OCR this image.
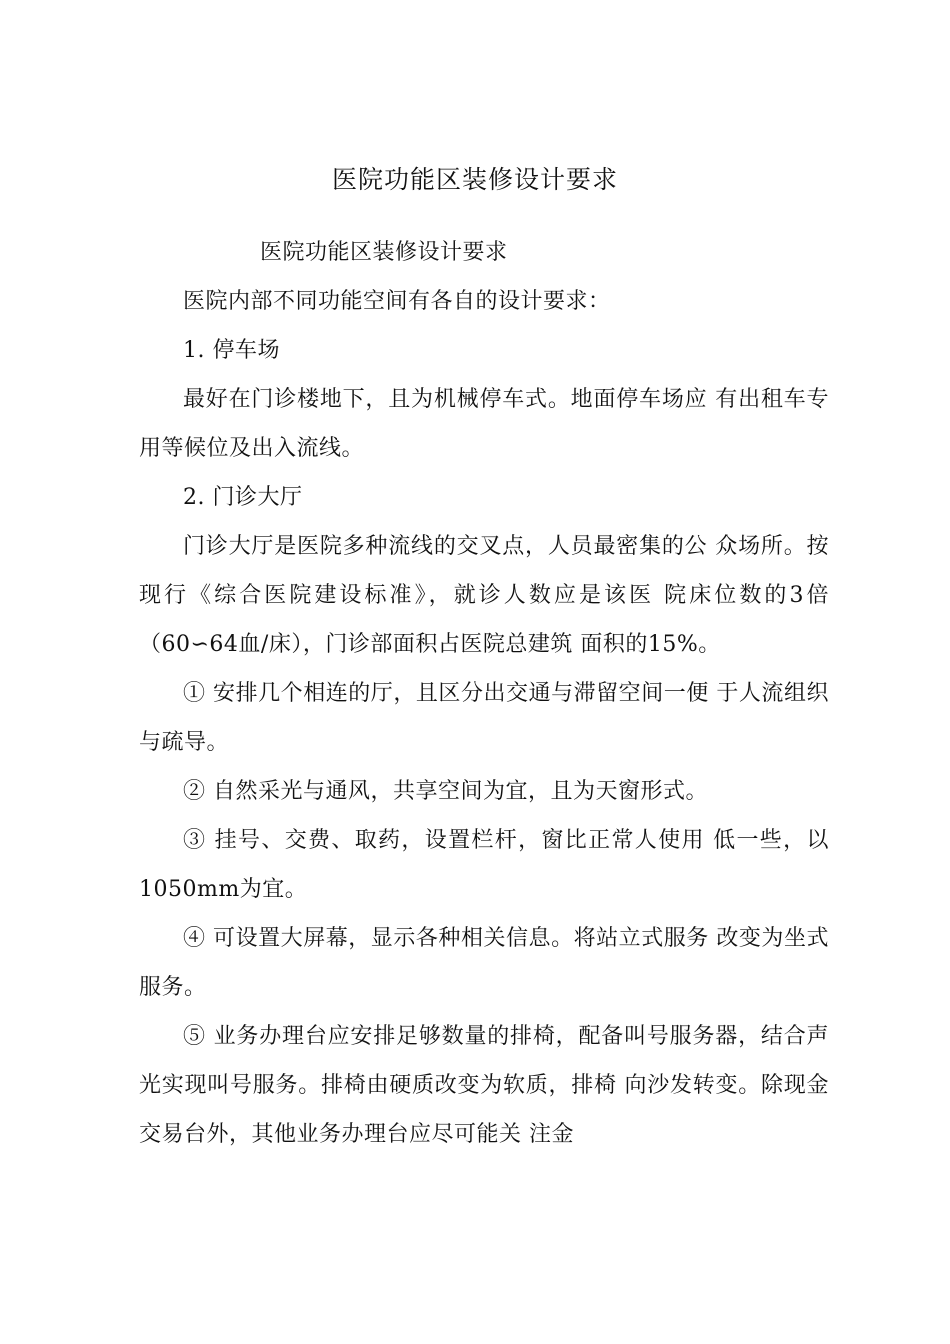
医院功能区装修设计要求

医院功能区装修设计要求

医院内部不同功能空间有各自的设计要求：

1. 停车场

最好在门诊楼地下，且为机械停车式。地面停车场应 有出租车专用等候位及出入流线。

2. 门诊大厅

门诊大厅是医院多种流线的交叉点，人员最密集的公 众场所。按现行《综合医院建设标准》，就诊人数应是该医 院床位数的3倍（60∽64血/床），门诊部面积占医院总建筑 面积的15%。

① 安排几个相连的厅，且区分出交通与滞留空间一便 于人流组织与疏导。

② 自然采光与通风，共享空间为宜，且为天窗形式。

③ 挂号、交费、取药，设置栏杆，窗比正常人使用 低一些，以1050mm为宜。

④ 可设置大屏幕，显示各种相关信息。将站立式服务 改变为坐式服务。

⑤ 业务办理台应安排足够数量的排椅，配备叫号服务器，结合声光实现叫号服务。排椅由硬质改变为软质，排椅 向沙发转变。除现金交易台外，其他业务办理台应尽可能关 注金
